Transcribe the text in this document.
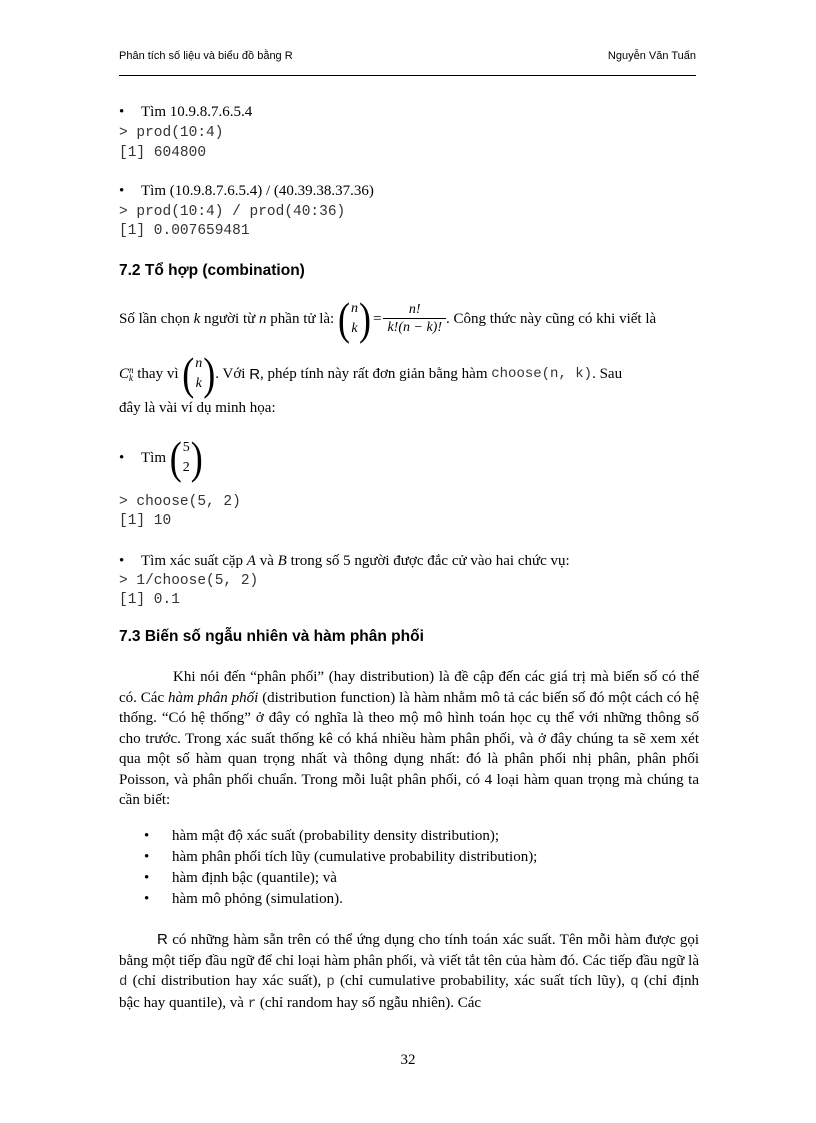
Phân tích số liệu và biểu đồ bằng R	Nguyễn Văn Tuấn
•	Tìm 10.9.8.7.6.5.4
> prod(10:4)
[1] 604800
•	Tìm (10.9.8.7.6.5.4) / (40.39.38.37.36)
> prod(10:4) / prod(40:36)
[1] 0.007659481
7.2 Tổ hợp (combination)
Số lần chọn
k
người từ
n
phần tử là:
( n
k ) = $\frac{n!}{k!(n - k)!}$ . Công thức này cũng có khi viết là
C n
k
thay vì
( n
k ) . Với
R , phép tính này rất đơn giản bằng hàm
choose(n, k) . Sau
đây là vài ví dụ minh họa:
•	Tìm
( 5
2 )
> choose(5, 2)
[1] 10
•	Tìm xác suất cặp
A
và
B
trong số 5 người được đắc cử vào hai chức vụ:
> 1/choose(5, 2)
[1] 0.1
7.3 Biến số ngẫu nhiên và hàm phân phối
Khi nói đến “phân phối” (hay distribution) là đề cập đến các giá trị mà biến số có thể có. Các hàm phân phối (distribution function) là hàm nhằm mô tả các biến số đó một cách có hệ thống. “Có hệ thống” ở đây có nghĩa là theo mộ mô hình toán học cụ thể với những thông số cho trước. Trong xác suất thống kê có khá nhiều hàm phân phối, và ở đây chúng ta sẽ xem xét qua một số hàm quan trọng nhất và thông dụng nhất: đó là phân phối nhị phân, phân phối Poisson, và phân phối chuẩn. Trong mỗi luật phân phối, có 4 loại hàm quan trọng mà chúng ta cần biết:
•	hàm mật độ xác suất (probability density distribution);
•	hàm phân phối tích lũy (cumulative probability distribution);
•	hàm định bậc (quantile); và
•	hàm mô phỏng (simulation).
R có những hàm sẵn trên có thể ứng dụng cho tính toán xác suất. Tên mỗi hàm được gọi bằng một tiếp đầu ngữ để chỉ loại hàm phân phối, và viết tắt tên của hàm đó. Các tiếp đầu ngữ là d (chỉ distribution hay xác suất), p (chỉ cumulative probability, xác suất tích lũy), q (chỉ định bậc hay quantile), và r (chỉ random hay số ngẫu nhiên). Các
32
